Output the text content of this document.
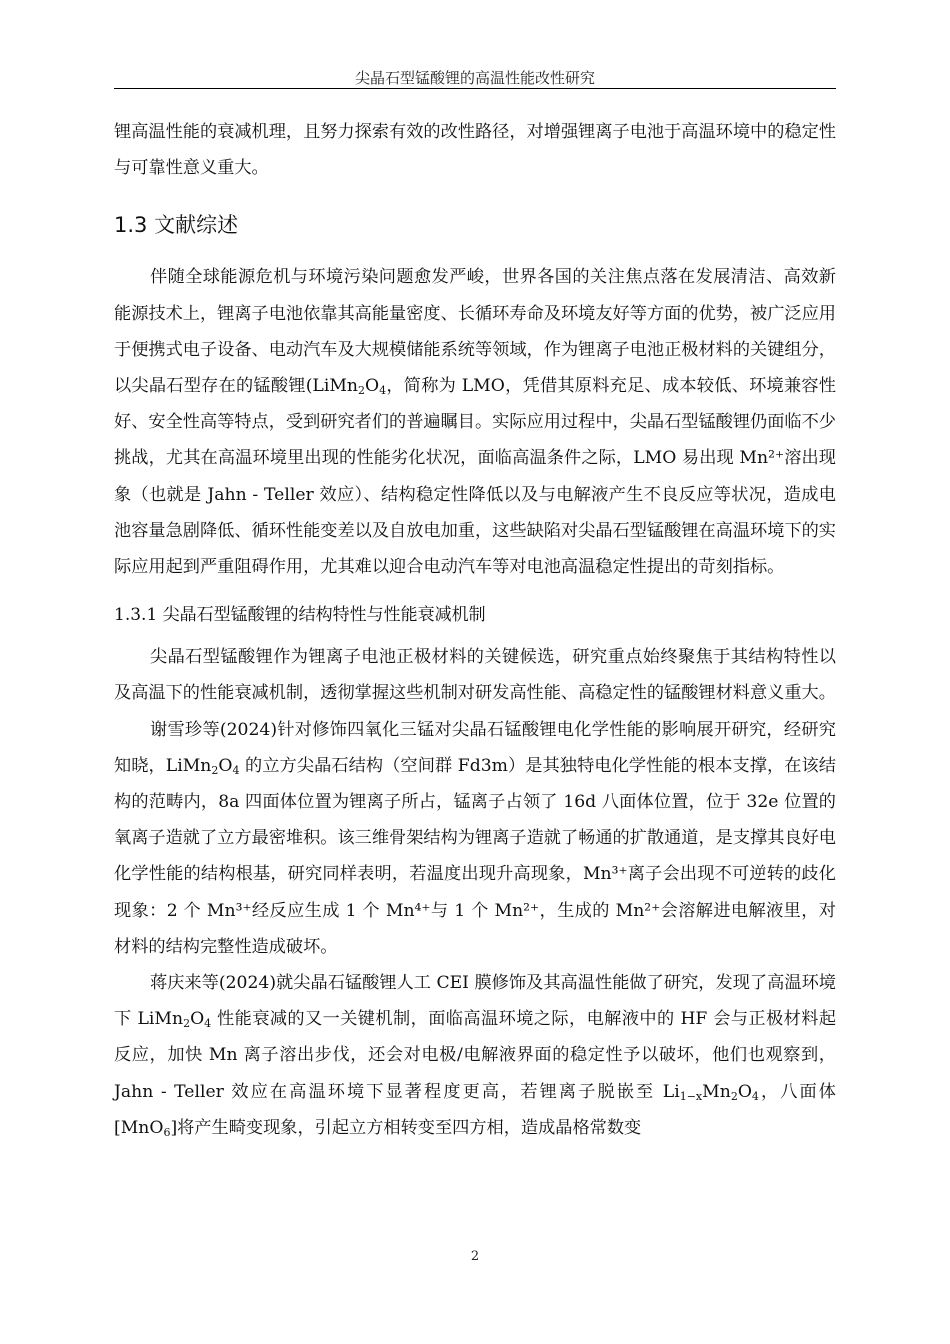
尖晶石型锰酸锂的高温性能改性研究

锂高温性能的衰减机理，且努力探索有效的改性路径，对增强锂离子电池于高温环境中的稳定性与可靠性意义重大。

1.3 文献综述

伴随全球能源危机与环境污染问题愈发严峻，世界各国的关注焦点落在发展清洁、高效新能源技术上，锂离子电池依靠其高能量密度、长循环寿命及环境友好等方面的优势，被广泛应用于便携式电子设备、电动汽车及大规模储能系统等领域，作为锂离子电池正极材料的关键组分，以尖晶石型存在的锰酸锂($LiMn_2O_4$，简称为 LMO，凭借其原料充足、成本较低、环境兼容性好、安全性高等特点，受到研究者们的普遍瞩目。实际应用过程中，尖晶石型锰酸锂仍面临不少挑战，尤其在高温环境里出现的性能劣化状况，面临高温条件之际，LMO 易出现 Mn²⁺溶出现象（也就是 Jahn - Teller 效应）、结构稳定性降低以及与电解液产生不良反应等状况，造成电池容量急剧降低、循环性能变差以及自放电加重，这些缺陷对尖晶石型锰酸锂在高温环境下的实际应用起到严重阻碍作用，尤其难以迎合电动汽车等对电池高温稳定性提出的苛刻指标。

1.3.1 尖晶石型锰酸锂的结构特性与性能衰减机制

尖晶石型锰酸锂作为锂离子电池正极材料的关键候选，研究重点始终聚焦于其结构特性以及高温下的性能衰减机制，透彻掌握这些机制对研发高性能、高稳定性的锰酸锂材料意义重大。

谢雪珍等(2024)针对修饰四氧化三锰对尖晶石锰酸锂电化学性能的影响展开研究，经研究知晓，$LiMn_2O_4$ 的立方尖晶石结构（空间群 Fd3m）是其独特电化学性能的根本支撑，在该结构的范畴内，8a 四面体位置为锂离子所占，锰离子占领了 16d 八面体位置，位于 32e 位置的氧离子造就了立方最密堆积。该三维骨架结构为锂离子造就了畅通的扩散通道，是支撑其良好电化学性能的结构根基，研究同样表明，若温度出现升高现象，Mn³⁺离子会出现不可逆转的歧化现象：2 个 Mn³⁺经反应生成 1 个 Mn⁴⁺与 1 个 Mn²⁺，生成的 Mn²⁺会溶解进电解液里，对材料的结构完整性造成破坏。

蒋庆来等(2024)就尖晶石锰酸锂人工 CEI 膜修饰及其高温性能做了研究，发现了高温环境下 $LiMn_2O_4$ 性能衰减的又一关键机制，面临高温环境之际，电解液中的 HF 会与正极材料起反应，加快 Mn 离子溶出步伐，还会对电极/电解液界面的稳定性予以破坏，他们也观察到，Jahn - Teller 效应在高温环境下显著程度更高，若锂离子脱嵌至 $Li_{1-x}Mn_2O_4$，八面体[MnO$_6$]将产生畸变现象，引起立方相转变至四方相，造成晶格常数变

2
